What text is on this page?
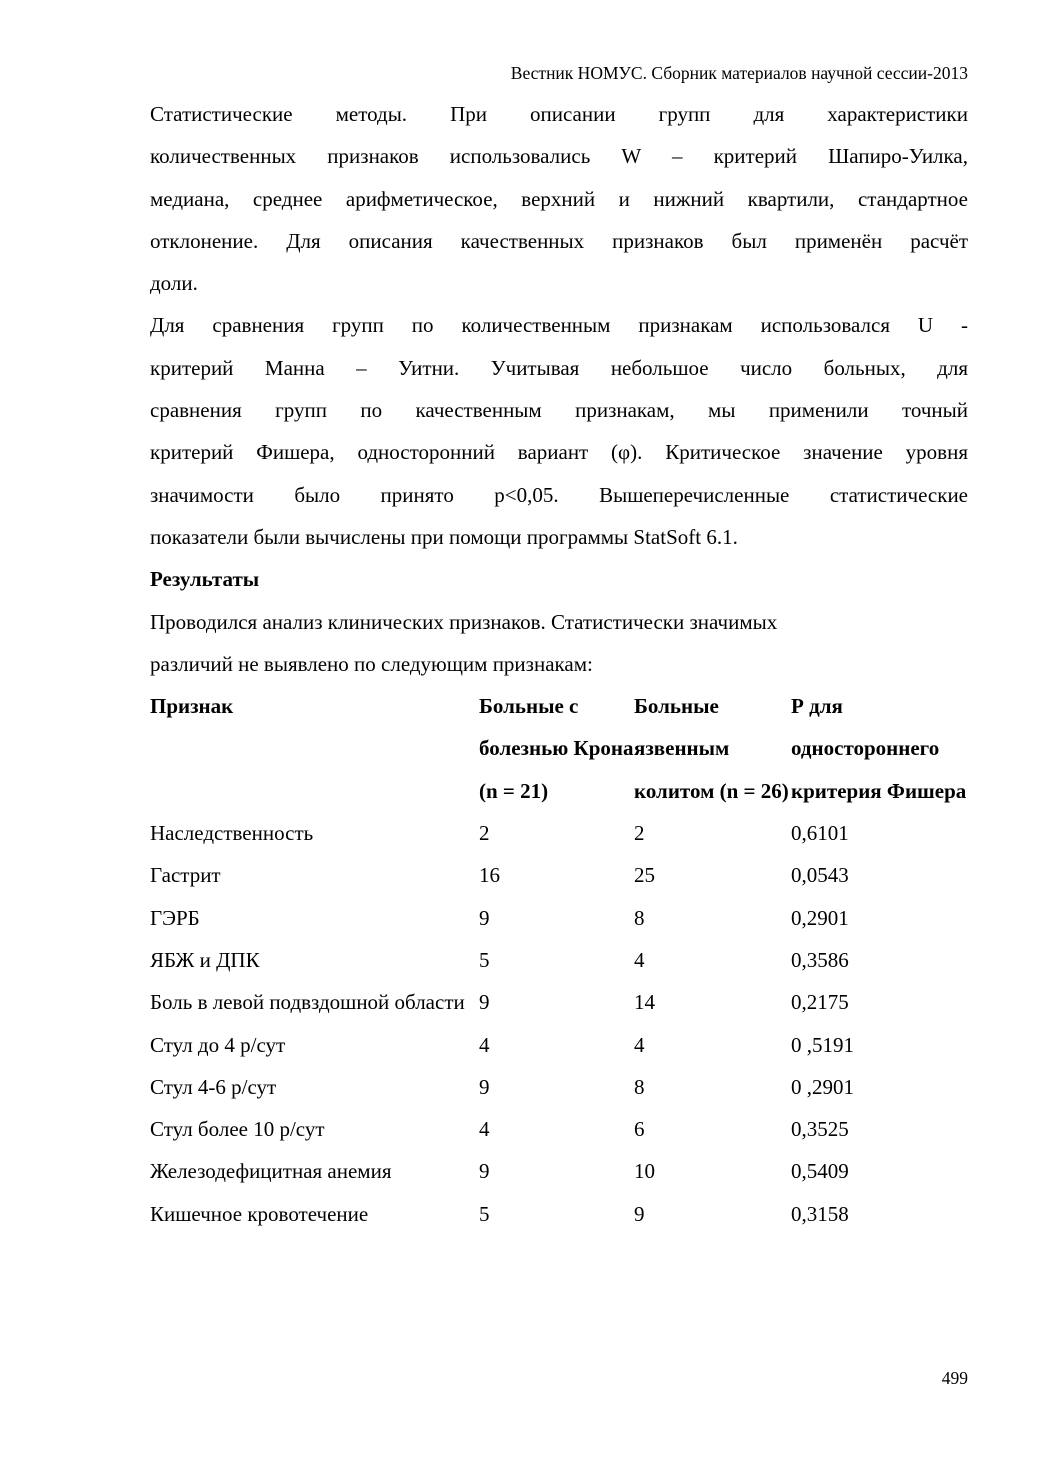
Вестник НОМУС. Сборник материалов научной сессии-2013
Статистические методы. При описании групп для характеристики
количественных признаков использовались W – критерий Шапиро-Уилка,
медиана, среднее арифметическое, верхний и нижний квартили, стандартное
отклонение. Для описания качественных признаков был применён расчёт
доли.
Для сравнения групп по количественным признакам использовался U -
критерий Манна – Уитни. Учитывая небольшое число больных, для
сравнения групп по качественным признакам, мы применили точный
критерий Фишера, односторонний вариант (φ). Критическое значение уровня
значимости было принято р<0,05. Вышеперечисленные статистические
показатели были вычислены при помощи программы StatSoft 6.1.

Результаты

Проводился анализ клинических признаков. Статистически значимых

различий не выявлено по следующим признакам:

Признак	Больные с болезнью Крона (n = 21)	Больные язвенным колитом (n = 26)	Р для одностороннего критерия Фишера
Наследственность	2	2	0,6101
Гастрит	16	25	0,0543
ГЭРБ	9	8	0,2901
ЯБЖ и ДПК	5	4	0,3586
Боль в левой подвздошной области	9	14	0,2175
Стул до 4 р/сут	4	4	0 ,5191
Стул 4-6 р/сут	9	8	0 ,2901
Стул более 10 р/сут	4	6	0,3525
Железодефицитная анемия	9	10	0,5409
Кишечное кровотечение	5	9	0,3158
499
